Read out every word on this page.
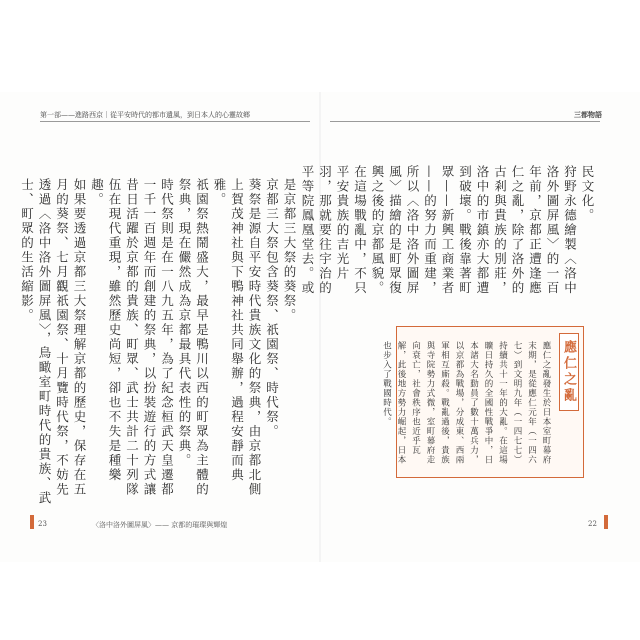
第一部——進路西京｜從平安時代的都市遺風，到日本人的心靈故鄉	三都物語

是京都三大祭的葵祭。

京都三大祭包含葵祭、祇園祭、時代祭。

葵祭是源自平安時代貴族文化的祭典，由京都北側上賀茂神社與下鴨神社共同舉辦，過程安靜而典雅。

祇園祭熱鬧盛大，最早是鴨川以西的町眾為主體的祭典，現在儼然成為京都最具代表性的祭典。

時代祭則是在一八九五年，為了紀念桓武天皇遷都一千一百週年而創建的祭典，以扮裝遊行的方式讓昔日活躍於京都的貴族、町眾、武士共計二十列隊伍在現代重現，雖然歷史尚短，卻也不失是種樂趣。

如果要透過京都三大祭理解京都的歷史，保存在五月的葵祭、七月觀祇園祭、十月覽時代祭，不妨先透過〈洛中洛外圖屏風〉，鳥瞰室町時代的貴族、武士、町眾的生活縮影。	民文化。

狩野永德繪製〈洛中洛外圖屏風〉的一百年前，京都正遭逢應仁之亂，除了洛外的古剎與貴族的別莊，洛中的市鎮亦大都遭到破壞。戰後靠著町眾——新興工商業者——的努力而重建，所以〈洛中洛外圖屏風〉描繪的是町眾復興之後的京都風貌。

在這場戰亂中，不只平安貴族的吉光片羽，那就要往宇治的平等院鳳凰堂去。或

應仁之亂發生於日本室町幕府末期，是從應仁元年（一四六七）到文明九年（一四七七）持續共十一年的大亂。在這場曠日持久的全國性戰爭中，日本諸大名動員了數十萬兵力，以京都為戰場，分成東、西兩軍相互廝殺。戰亂過後，貴族與寺院勢力式微，室町幕府走向衰亡，社會秩序也近乎瓦解，此後地方勢力崛起，日本也步入了戰國時代。	應仁之亂
23	〈洛中洛外圖屏風〉—— 京都的璀璨與輝煌	22
